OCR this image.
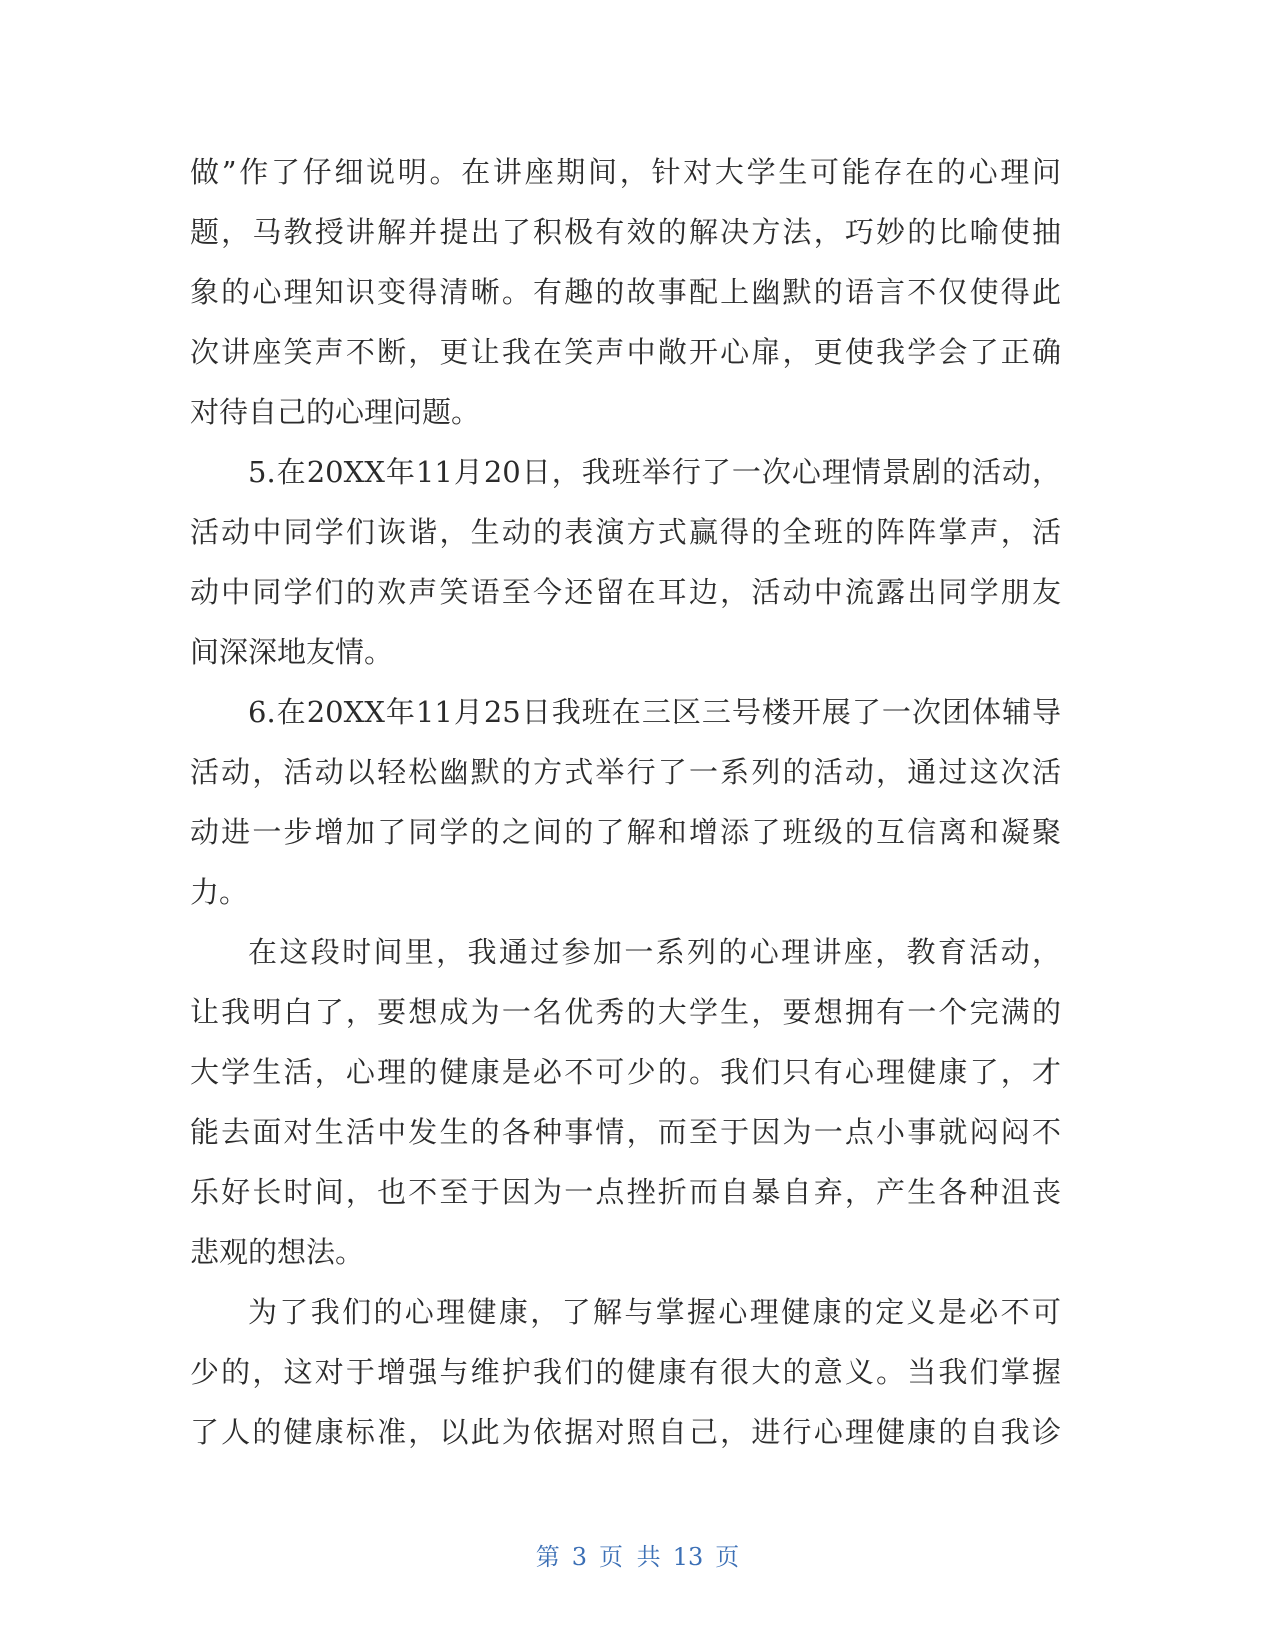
做”作了仔细说明。在讲座期间，针对大学生可能存在的心理问
题，马教授讲解并提出了积极有效的解决方法，巧妙的比喻使抽
象的心理知识变得清晰。有趣的故事配上幽默的语言不仅使得此
次讲座笑声不断，更让我在笑声中敞开心扉，更使我学会了正确
对待自己的心理问题。
5.在20XX年11月20日，我班举行了一次心理情景剧的活动，
活动中同学们诙谐，生动的表演方式赢得的全班的阵阵掌声，活
动中同学们的欢声笑语至今还留在耳边，活动中流露出同学朋友
间深深地友情。
6.在20XX年11月25日我班在三区三号楼开展了一次团体辅导
活动，活动以轻松幽默的方式举行了一系列的活动，通过这次活
动进一步增加了同学的之间的了解和增添了班级的互信离和凝聚
力。
在这段时间里，我通过参加一系列的心理讲座，教育活动，
让我明白了，要想成为一名优秀的大学生，要想拥有一个完满的
大学生活，心理的健康是必不可少的。我们只有心理健康了，才
能去面对生活中发生的各种事情，而至于因为一点小事就闷闷不
乐好长时间，也不至于因为一点挫折而自暴自弃，产生各种沮丧
悲观的想法。
为了我们的心理健康，了解与掌握心理健康的定义是必不可
少的，这对于增强与维护我们的健康有很大的意义。当我们掌握
了人的健康标准，以此为依据对照自己，进行心理健康的自我诊
第 3 页 共 13 页
